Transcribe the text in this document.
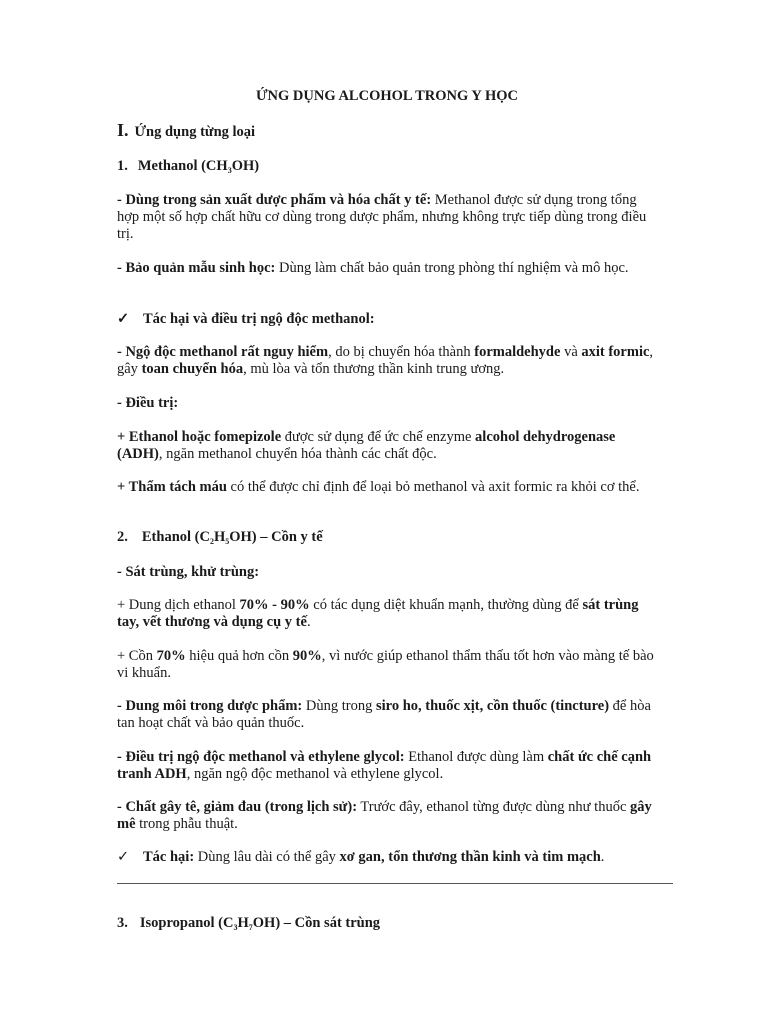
ỨNG DỤNG ALCOHOL TRONG Y HỌC
I. Ứng dụng từng loại
1. Methanol $(CH_3OH)$
- Dùng trong sản xuất dược phẩm và hóa chất y tế: Methanol được sử dụng trong tổng hợp một số hợp chất hữu cơ dùng trong dược phẩm, nhưng không trực tiếp dùng trong điều trị.
- Bảo quản mẫu sinh học: Dùng làm chất bảo quản trong phòng thí nghiệm và mô học.
✓ Tác hại và điều trị ngộ độc methanol:
- Ngộ độc methanol rất nguy hiểm, do bị chuyển hóa thành formaldehyde và axit formic, gây toan chuyển hóa, mù lòa và tổn thương thần kinh trung ương.
- Điều trị:
+ Ethanol hoặc fomepizole được sử dụng để ức chế enzyme alcohol dehydrogenase (ADH), ngăn methanol chuyển hóa thành các chất độc.
+ Thẩm tách máu có thể được chỉ định để loại bỏ methanol và axit formic ra khỏi cơ thể.
2. Ethanol $(C_2H_5OH)$ – Cồn y tế
- Sát trùng, khử trùng:
+ Dung dịch ethanol 70% - 90% có tác dụng diệt khuẩn mạnh, thường dùng để sát trùng tay, vết thương và dụng cụ y tế.
+ Cồn 70% hiệu quả hơn cồn 90%, vì nước giúp ethanol thẩm thấu tốt hơn vào màng tế bào vi khuẩn.
- Dung môi trong dược phẩm: Dùng trong siro ho, thuốc xịt, cồn thuốc (tincture) để hòa tan hoạt chất và bảo quản thuốc.
- Điều trị ngộ độc methanol và ethylene glycol: Ethanol được dùng làm chất ức chế cạnh tranh ADH, ngăn ngộ độc methanol và ethylene glycol.
- Chất gây tê, giảm đau (trong lịch sử): Trước đây, ethanol từng được dùng như thuốc gây mê trong phẫu thuật.
✓ Tác hại: Dùng lâu dài có thể gây xơ gan, tổn thương thần kinh và tim mạch.
3. Isopropanol $(C_3H_7OH)$ – Cồn sát trùng
